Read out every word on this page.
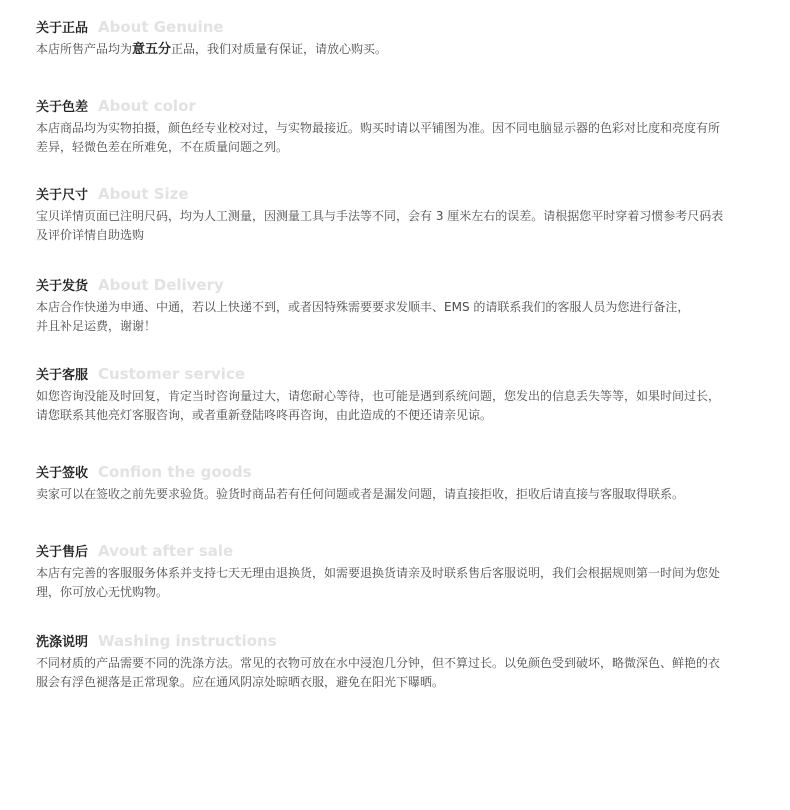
关于正品 About Genuine
本店所售产品均为意五分正品，我们对质量有保证，请放心购买。
关于色差 About color
本店商品均为实物拍摄，颜色经专业校对过，与实物最接近。购买时请以平铺图为准。因不同电脑显示器的色彩对比度和亮度有所
差异，轻微色差在所难免，不在质量问题之列。
关于尺寸 About Size
宝贝详情页面已注明尺码，均为人工测量，因测量工具与手法等不同，会有 3 厘米左右的误差。请根据您平时穿着习惯参考尺码表
及评价详情自助选购
关于发货 About Delivery
本店合作快递为申通、中通，若以上快递不到，或者因特殊需要要求发顺丰、EMS 的请联系我们的客服人员为您进行备注，
并且补足运费，谢谢！
关于客服 Customer service
如您咨询没能及时回复，肯定当时咨询量过大，请您耐心等待，也可能是遇到系统问题，您发出的信息丢失等等，如果时间过长，
请您联系其他亮灯客服咨询，或者重新登陆咚咚再咨询，由此造成的不便还请亲见谅。
关于签收 Confion the goods
卖家可以在签收之前先要求验货。验货时商品若有任何问题或者是漏发问题，请直接拒收，拒收后请直接与客服取得联系。
关于售后 Avout after sale
本店有完善的客服服务体系并支持七天无理由退换货，如需要退换货请亲及时联系售后客服说明，我们会根据规则第一时间为您处
理，你可放心无忧购物。
洗涤说明 Washing instructions
不同材质的产品需要不同的洗涤方法。常见的衣物可放在水中浸泡几分钟，但不算过长。以免颜色受到破坏，略微深色、鲜艳的衣
服会有浮色褪落是正常现象。应在通风阴凉处晾晒衣服，避免在阳光下曝晒。
